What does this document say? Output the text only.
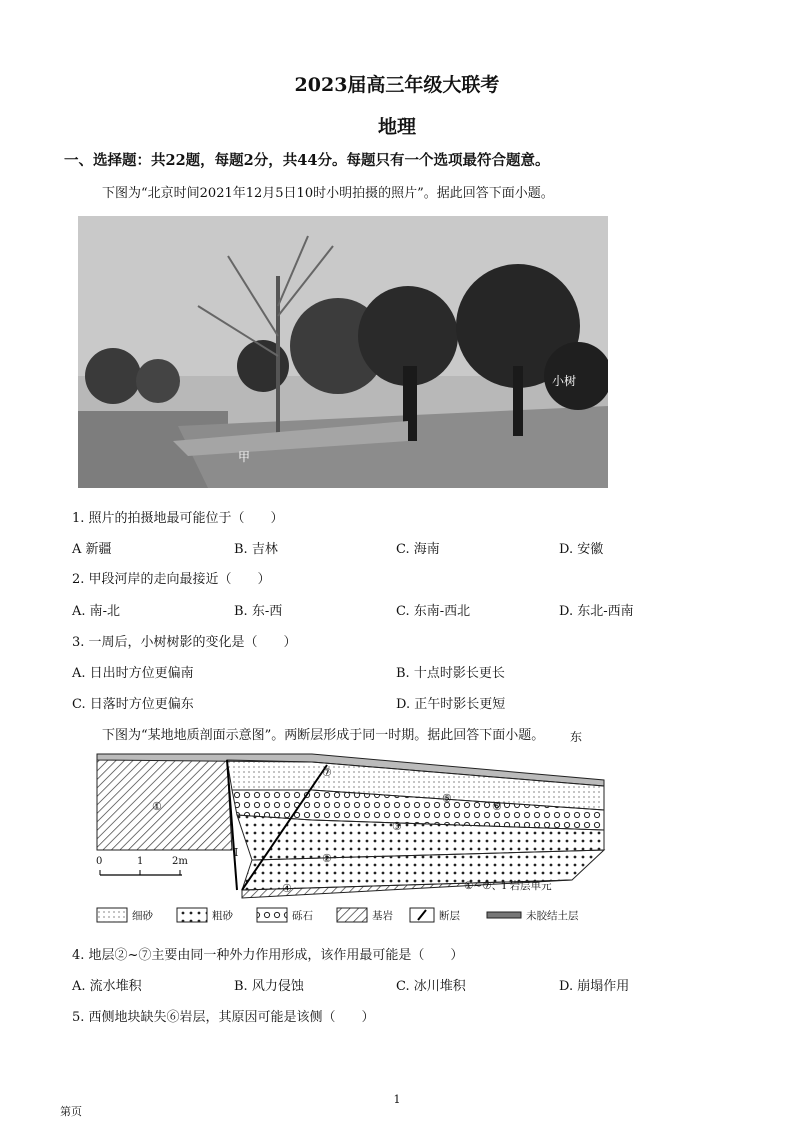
2023届高三年级大联考
地理
一、选择题：共22题，每题2分，共44分。每题只有一个选项最符合题意。
下图为“北京时间2021年12月5日10时小明拍摄的照片”。据此回答下面小题。
小树
甲
1. 照片的拍摄地最可能位于（　　）
A 新疆	B. 吉林	C. 海南	D. 安徽
2. 甲段河岸的走向最接近（　　）
A. 南-北	B. 东-西	C. 东南-西北	D. 东北-西南
3. 一周后，小树树影的变化是（　　）
A. 日出时方位更偏南	B. 十点时影长更长
C. 日落时方位更偏东	D. 正午时影长更短
下图为“某地地质剖面示意图”。两断层形成于同一时期。据此回答下面小题。 东
①
②
③
④
⑤
⑥
⑦
Ⅰ
0	1	2m
①~⑦、Ⅰ 岩层单元
细砂	粗砂	砾石	基岩	断层	未胶结土层
4. 地层②~⑦主要由同一种外力作用形成，该作用最可能是（　　）
A. 流水堆积	B. 风力侵蚀	C. 冰川堆积	D. 崩塌作用
5. 西侧地块缺失⑥岩层，其原因可能是该侧（　　）
1
第页
